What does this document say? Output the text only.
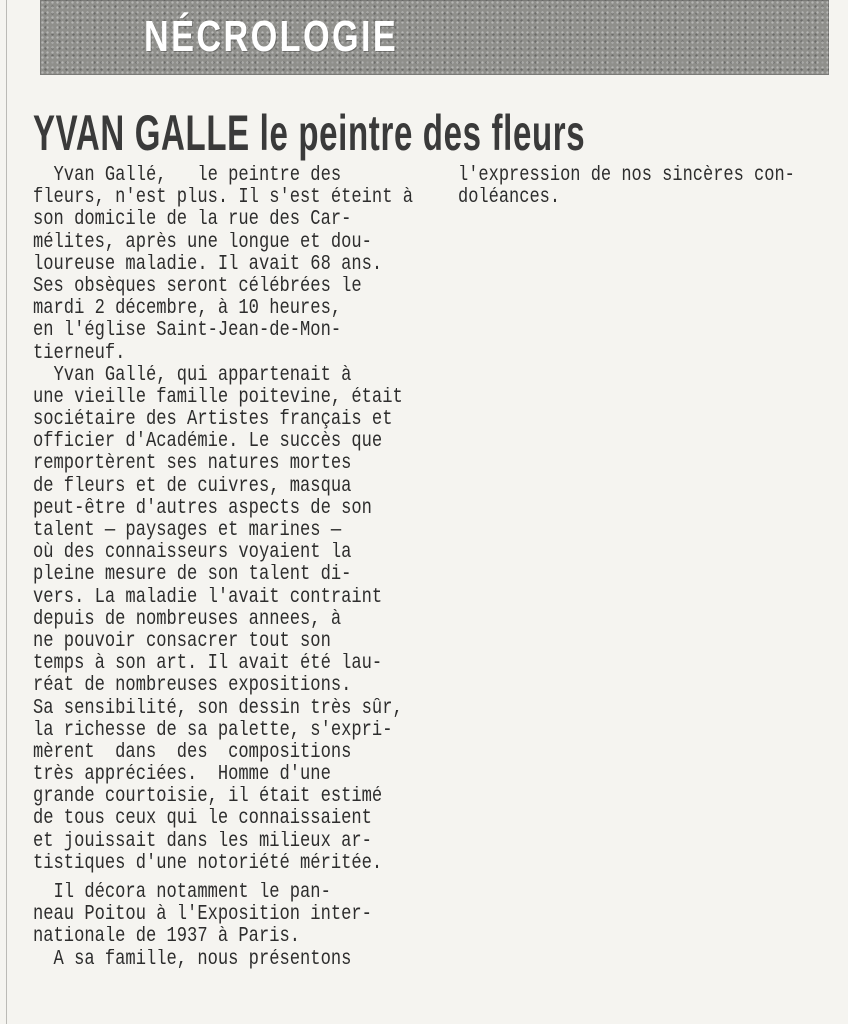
NÉCROLOGIE
YVAN GALLE le peintre des fleurs
Yvan Gallé,   le peintre des
fleurs, n'est plus. Il s'est éteint à
son domicile de la rue des Car-
mélites, après une longue et dou-
loureuse maladie. Il avait 68 ans.
Ses obsèques seront célébrées le
mardi 2 décembre, à 10 heures,
en l'église Saint-Jean-de-Mon-
tierneuf.
Yvan Gallé, qui appartenait à
une vieille famille poitevine, était
sociétaire des Artistes français et
officier d'Académie. Le succès que
remportèrent ses natures mortes
de fleurs et de cuivres, masqua
peut-être d'autres aspects de son
talent — paysages et marines —
où des connaisseurs voyaient la
pleine mesure de son talent di-
vers. La maladie l'avait contraint
depuis de nombreuses annees, à
ne pouvoir consacrer tout son
temps à son art. Il avait été lau-
réat de nombreuses expositions.
Sa sensibilité, son dessin très sûr,
la richesse de sa palette, s'expri-
mèrent  dans  des  compositions
très appréciées.  Homme d'une
grande courtoisie, il était estimé
de tous ceux qui le connaissaient
et jouissait dans les milieux ar-
tistiques d'une notoriété méritée.
Il décora notamment le pan-
neau Poitou à l'Exposition inter-
nationale de 1937 à Paris.
A sa famille, nous présentons
l'expression de nos sincères con-
doléances.
